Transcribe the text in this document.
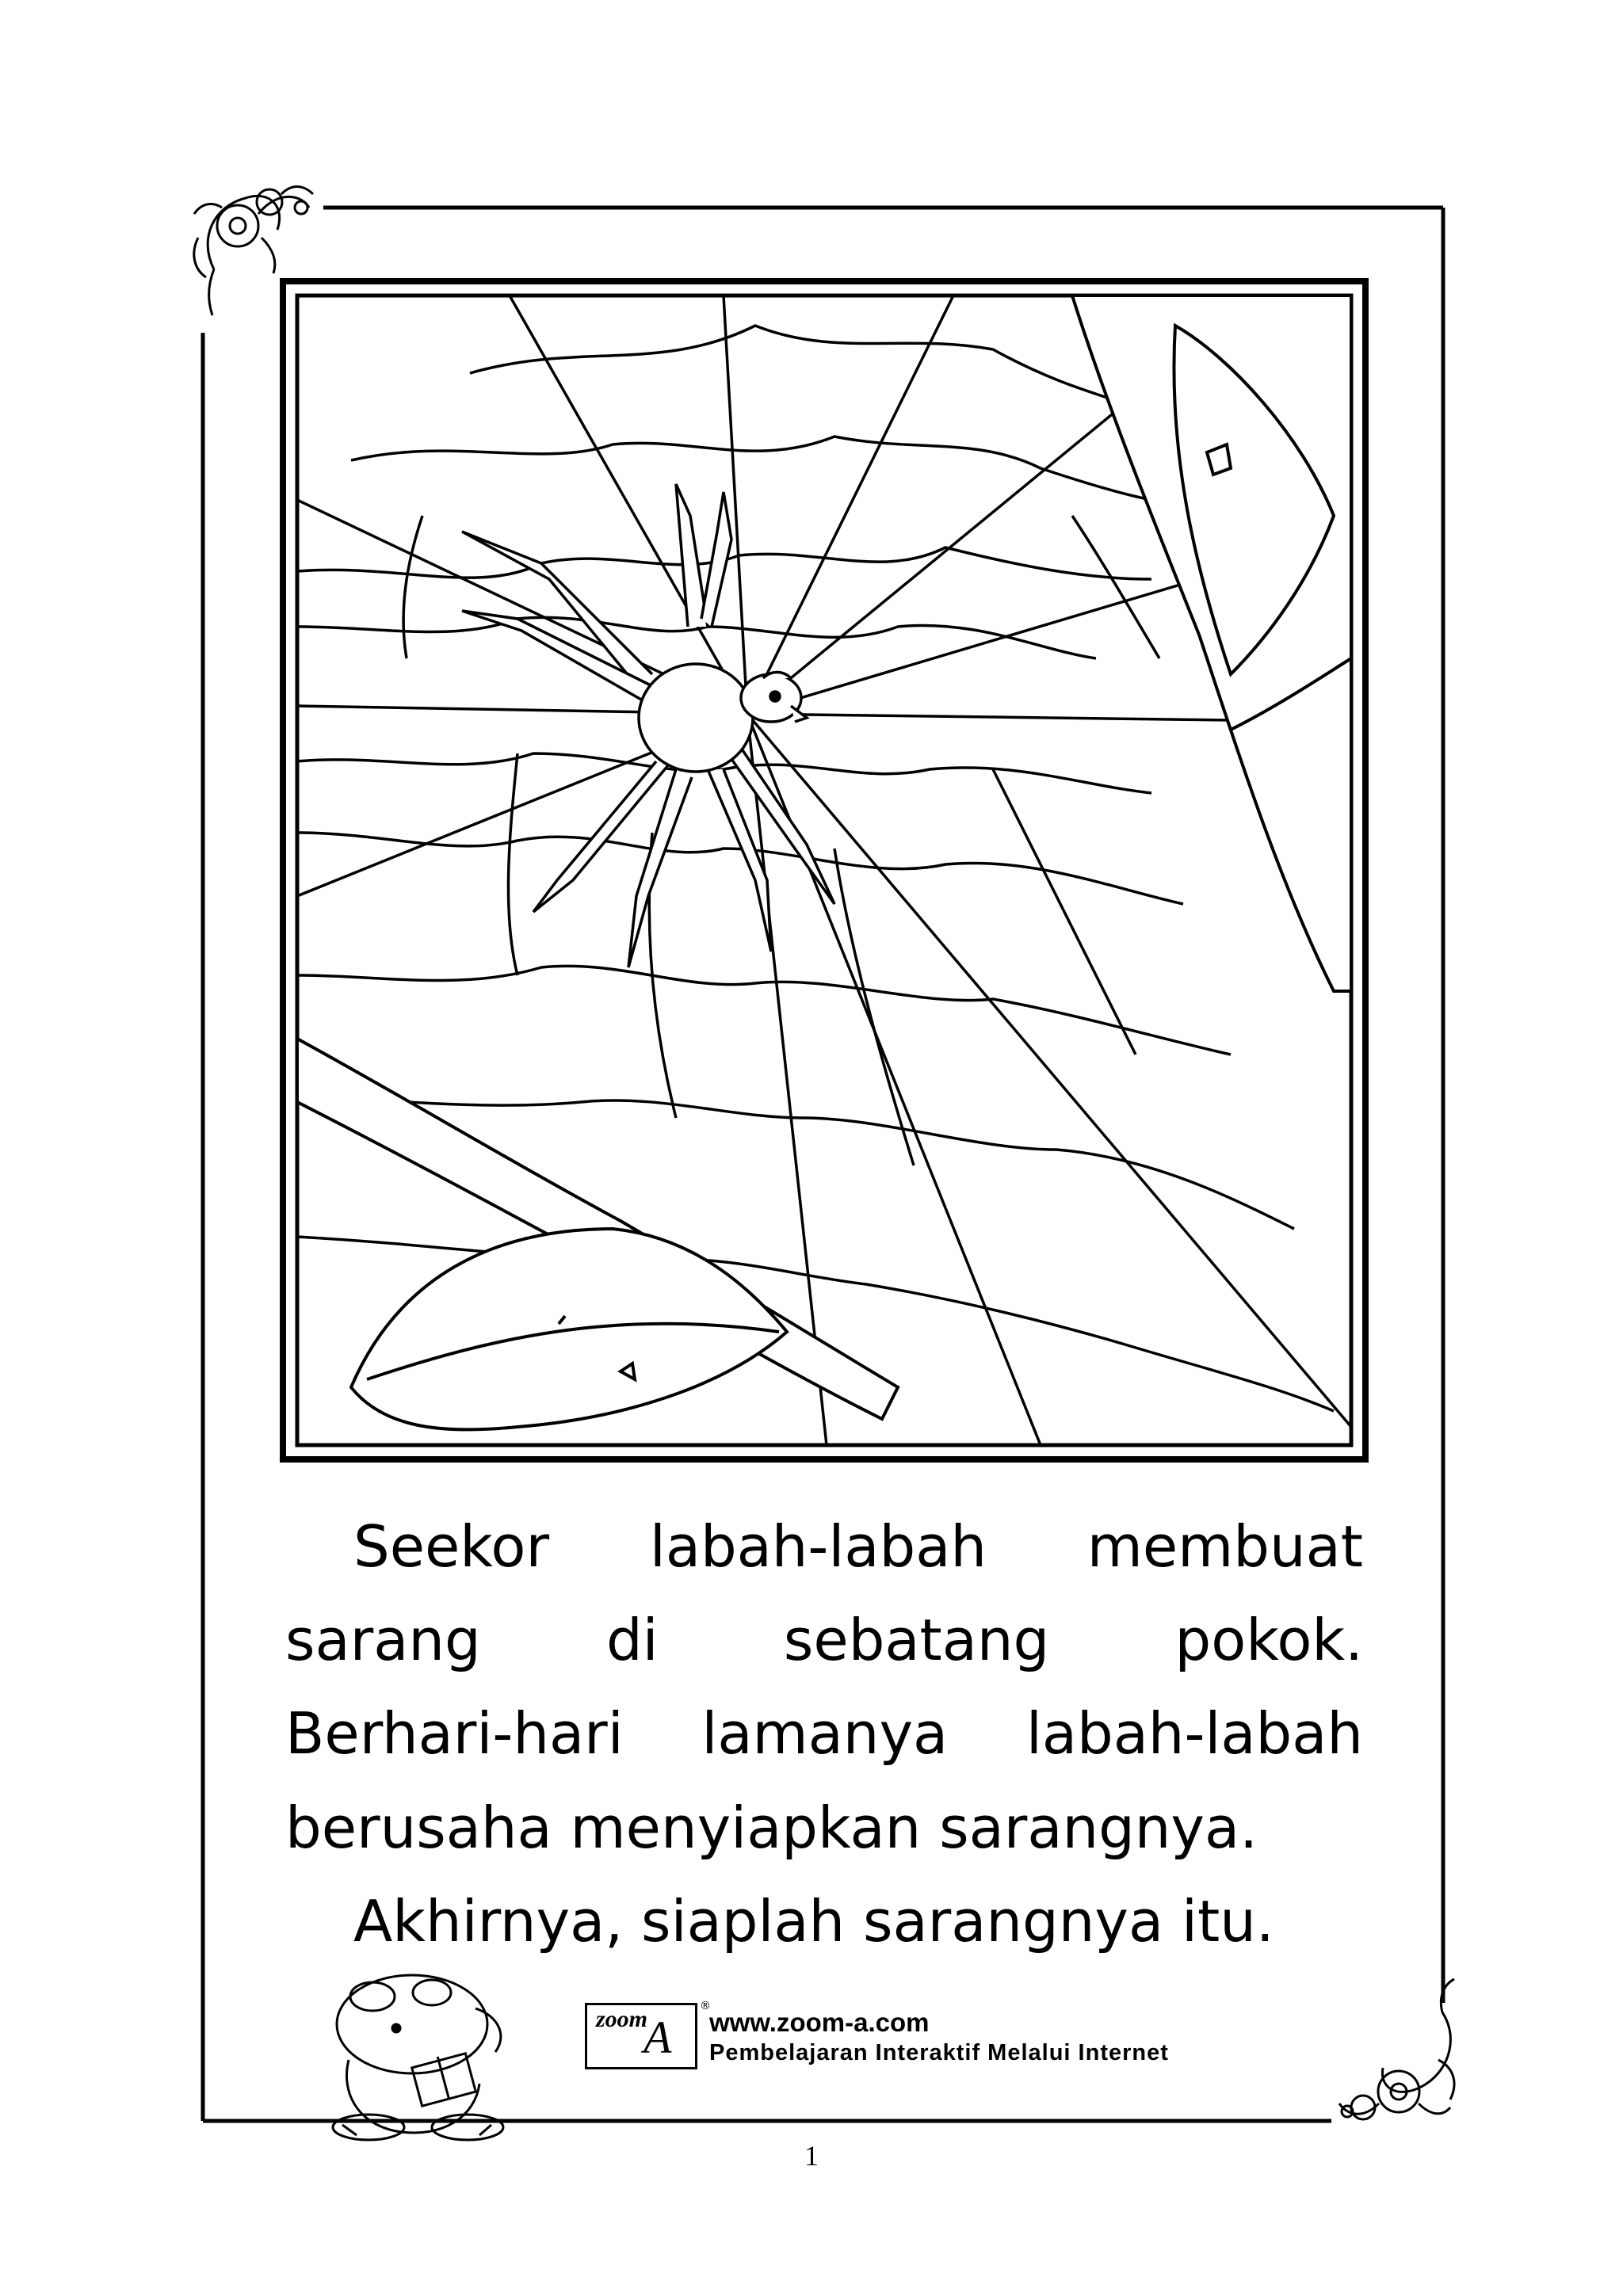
Seekor labah-labah membuat
sarang di sebatang pokok.
Berhari-hari lamanya labah-labah
berusaha menyiapkan sarangnya.
Akhirnya, siaplah sarangnya itu.
zoom
A
®
www.zoom-a.com
Pembelajaran Interaktif Melalui Internet
1
